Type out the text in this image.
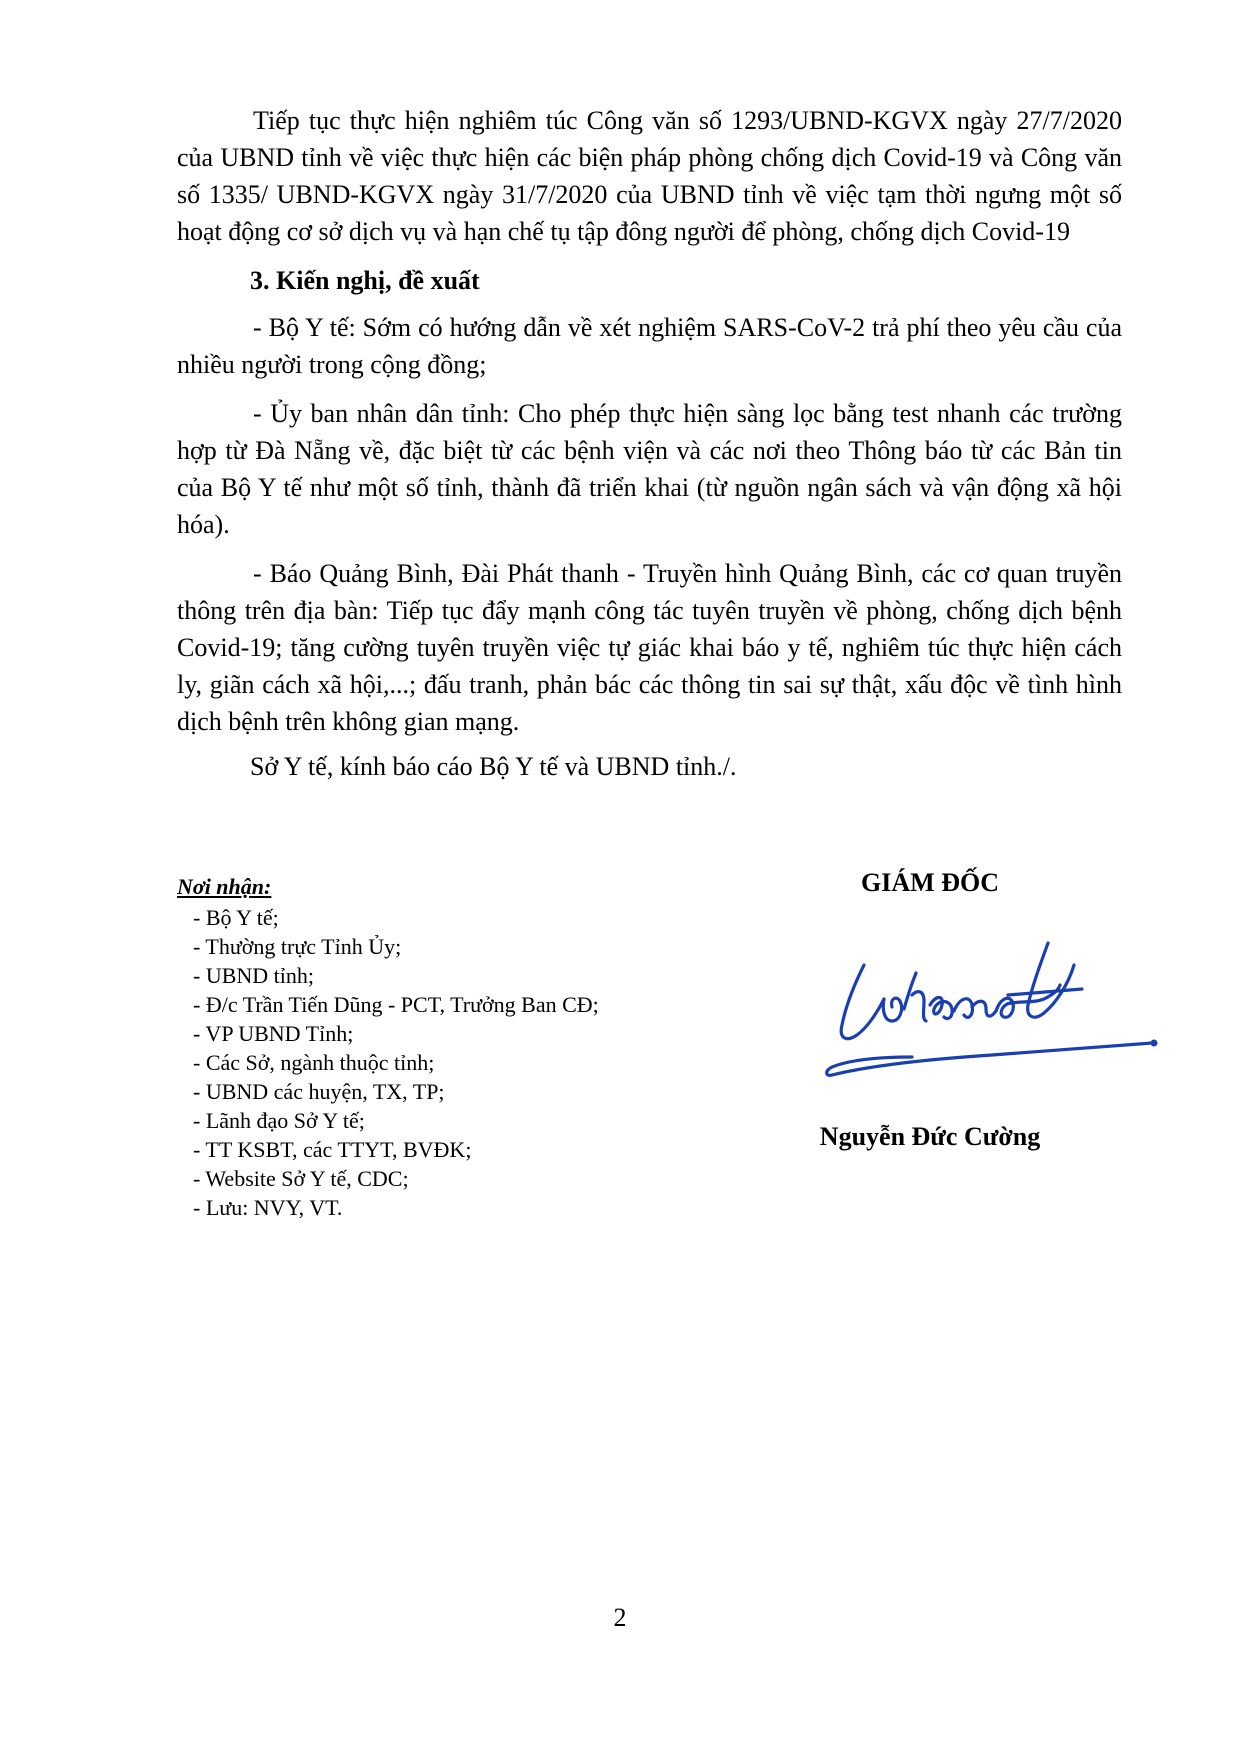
Tiếp tục thực hiện nghiêm túc Công văn số 1293/UBND-KGVX ngày 27/7/2020 của UBND tỉnh về việc thực hiện các biện pháp phòng chống dịch Covid-19 và Công văn số 1335/ UBND-KGVX ngày 31/7/2020 của UBND tỉnh về việc tạm thời ngưng một số hoạt động cơ sở dịch vụ và hạn chế tụ tập đông người để phòng, chống dịch Covid-19

3. Kiến nghị, đề xuất

- Bộ Y tế: Sớm có hướng dẫn về xét nghiệm SARS-CoV-2 trả phí theo yêu cầu của nhiều người trong cộng đồng;

- Ủy ban nhân dân tỉnh: Cho phép thực hiện sàng lọc bằng test nhanh các trường hợp từ Đà Nẵng về, đặc biệt từ các bệnh viện và các nơi theo Thông báo từ các Bản tin của Bộ Y tế như một số tỉnh, thành đã triển khai (từ nguồn ngân sách và vận động xã hội hóa).

- Báo Quảng Bình, Đài Phát thanh - Truyền hình Quảng Bình, các cơ quan truyền thông trên địa bàn: Tiếp tục đẩy mạnh công tác tuyên truyền về phòng, chống dịch bệnh Covid-19; tăng cường tuyên truyền việc tự giác khai báo y tế, nghiêm túc thực hiện cách ly, giãn cách xã hội,...; đấu tranh, phản bác các thông tin sai sự thật, xấu độc về tình hình dịch bệnh trên không gian mạng.

Sở Y tế, kính báo cáo Bộ Y tế và UBND tỉnh./.

Nơi nhận:
- Bộ Y tế;
- Thường trực Tỉnh Ủy;
- UBND tỉnh;
- Đ/c Trần Tiến Dũng - PCT, Trưởng Ban CĐ;
- VP UBND Tỉnh;
- Các Sở, ngành thuộc tỉnh;
- UBND các huyện, TX, TP;
- Lãnh đạo Sở Y tế;
- TT KSBT, các TTYT, BVĐK;
- Website Sở Y tế, CDC;
- Lưu: NVY, VT.
GIÁM ĐỐC
Nguyễn Đức Cường
2
